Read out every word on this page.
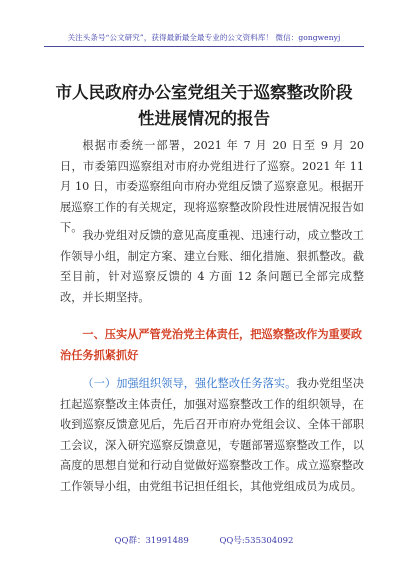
关注头条号“公文研究”，获得最新最全最专业的公文资料库！ 微信：gongwenyj
市人民政府办公室党组关于巡察整改阶段性进展情况的报告
根据市委统一部署，2021 年 7 月 20 日至 9 月 20 日，市委第四巡察组对市府办党组进行了巡察。2021 年 11 月 10 日，市委巡察组向市府办党组反馈了巡察意见。根据开展巡察工作的有关规定，现将巡察整改阶段性进展情况报告如下。
我办党组对反馈的意见高度重视、迅速行动，成立整改工作领导小组，制定方案、建立台账、细化措施、狠抓整改。截至目前，针对巡察反馈的 4 方面 12 条问题已全部完成整改，并长期坚持。
一、压实从严管党治党主体责任，把巡察整改作为重要政治任务抓紧抓好
（一）加强组织领导，强化整改任务落实。我办党组坚决扛起巡察整改主体责任，加强对巡察整改工作的组织领导，在收到巡察反馈意见后，先后召开市府办党组会议、全体干部职工会议，深入研究巡察反馈意见，专题部署巡察整改工作，以高度的思想自觉和行动自觉做好巡察整改工作。成立巡察整改工作领导小组，由党组书记担任组长，其他党组成员为成员。
QQ群：31991489	QQ号:535304092
